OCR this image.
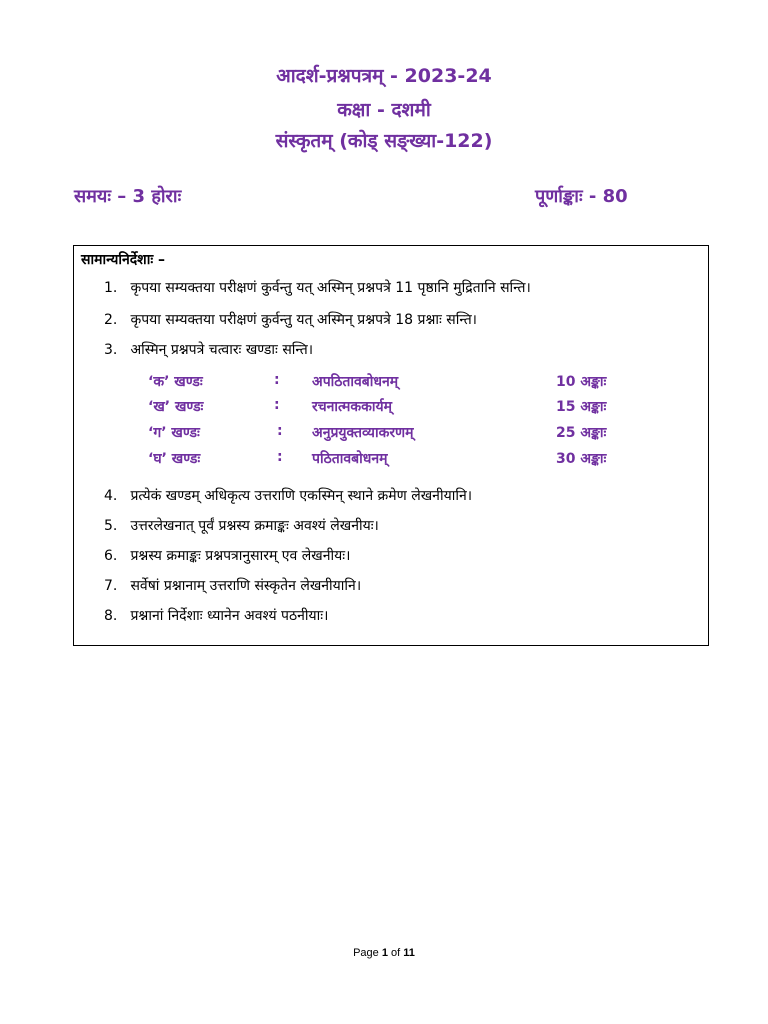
आदर्श-प्रश्नपत्रम् - 2023-24
कक्षा - दशमी
संस्कृतम् (कोड् सङ्ख्या-122)
समयः – 3 होराः	पूर्णाङ्काः - 80
सामान्यनिर्देशाः –
1. कृपया सम्यक्तया परीक्षणं कुर्वन्तु यत् अस्मिन् प्रश्नपत्रे 11 पृष्ठानि मुद्रितानि सन्ति।
2. कृपया सम्यक्तया परीक्षणं कुर्वन्तु यत् अस्मिन् प्रश्नपत्रे 18 प्रश्नाः सन्ति।
3. अस्मिन् प्रश्नपत्रे चत्वारः खण्डाः सन्ति।
‘क’ खण्डः	: अपठितावबोधनम्	10 अङ्काः
‘ख’ खण्डः	: रचनात्मककार्यम्	15 अङ्काः
‘ग’ खण्डः	: अनुप्रयुक्तव्याकरणम्	25 अङ्काः
‘घ’ खण्डः	: पठितावबोधनम्	30 अङ्काः
4. प्रत्येकं खण्डम् अधिकृत्य उत्तराणि एकस्मिन् स्थाने क्रमेण लेखनीयानि।
5. उत्तरलेखनात् पूर्वं प्रश्नस्य क्रमाङ्कः अवश्यं लेखनीयः।
6. प्रश्नस्य क्रमाङ्कः प्रश्नपत्रानुसारम् एव लेखनीयः।
7. सर्वेषां प्रश्नानाम् उत्तराणि संस्कृतेन लेखनीयानि।
8. प्रश्नानां निर्देशाः ध्यानेन अवश्यं पठनीयाः।
Page 1 of 11
